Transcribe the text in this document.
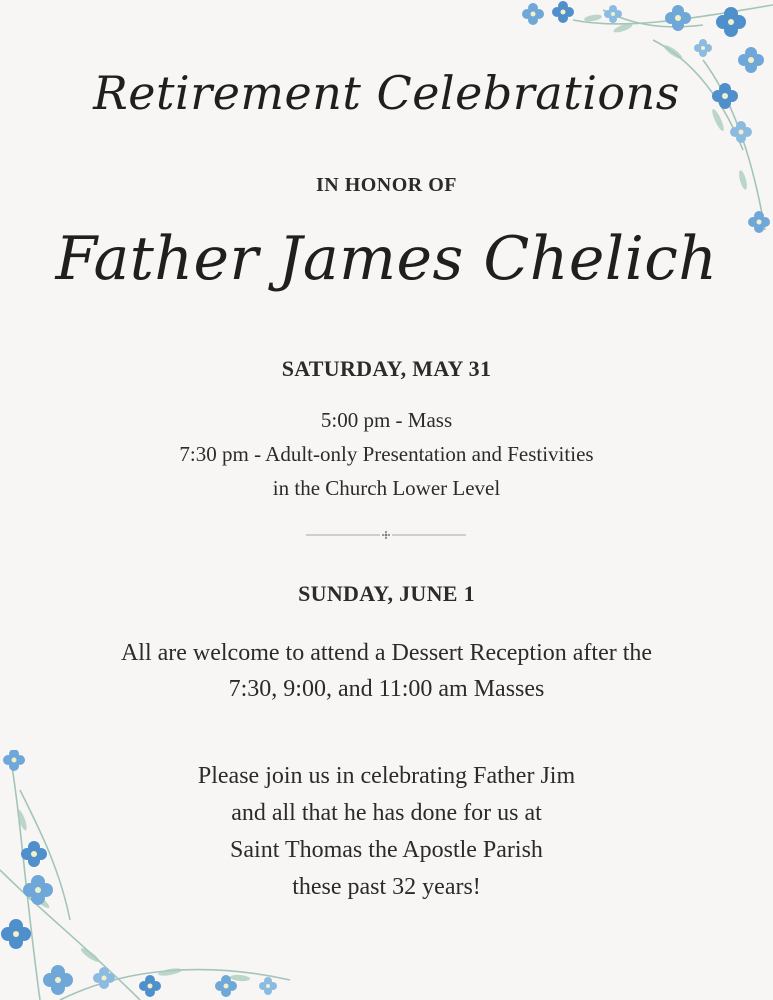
Retirement Celebrations
IN HONOR OF
Father James Chelich
SATURDAY, MAY 31
5:00 pm - Mass
7:30 pm - Adult-only Presentation and Festivities
in the Church Lower Level
SUNDAY, JUNE 1
All are welcome to attend a Dessert Reception after the
7:30, 9:00, and 11:00 am Masses
Please join us in celebrating Father Jim
and all that he has done for us at
Saint Thomas the Apostle Parish
these past 32 years!
